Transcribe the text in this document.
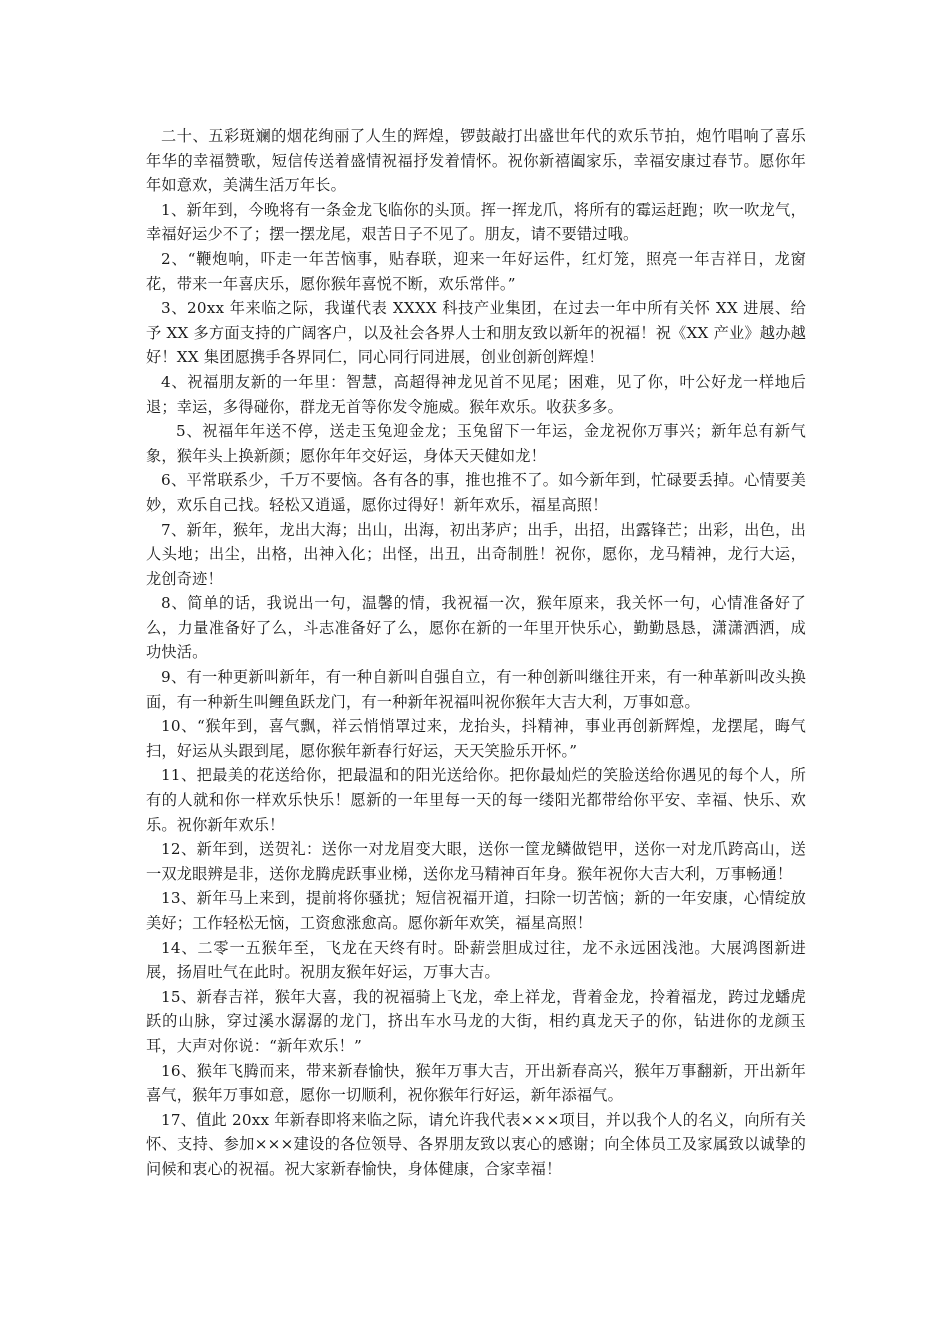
二十、五彩斑斓的烟花绚丽了人生的辉煌，锣鼓敲打出盛世年代的欢乐节拍，炮竹唱响了喜乐年华的幸福赞歌，短信传送着盛情祝福抒发着情怀。祝你新禧阖家乐，幸福安康过春节。愿你年年如意欢，美满生活万年长。

1、新年到，今晚将有一条金龙飞临你的头顶。挥一挥龙爪，将所有的霉运赶跑；吹一吹龙气，幸福好运少不了；摆一摆龙尾，艰苦日子不见了。朋友，请不要错过哦。

2、“鞭炮响，吓走一年苦恼事，贴春联，迎来一年好运件，红灯笼，照亮一年吉祥日，龙窗花，带来一年喜庆乐，愿你猴年喜悦不断，欢乐常伴。”

3、20xx 年来临之际，我谨代表 XXXX 科技产业集团，在过去一年中所有关怀 XX 进展、给予 XX 多方面支持的广阔客户，以及社会各界人士和朋友致以新年的祝福！祝《XX 产业》越办越好！XX 集团愿携手各界同仁，同心同行同进展，创业创新创辉煌！

4、祝福朋友新的一年里：智慧，高超得神龙见首不见尾；困难，见了你，叶公好龙一样地后退；幸运，多得碰你，群龙无首等你发令施威。猴年欢乐。收获多多。

5、祝福年年送不停，送走玉兔迎金龙；玉兔留下一年运，金龙祝你万事兴；新年总有新气象，猴年头上换新颜；愿你年年交好运，身体天天健如龙！

6、平常联系少，千万不要恼。各有各的事，推也推不了。如今新年到，忙碌要丢掉。心情要美妙，欢乐自己找。轻松又逍遥，愿你过得好！新年欢乐，福星高照！

7、新年，猴年，龙出大海；出山，出海，初出茅庐；出手，出招，出露锋芒；出彩，出色，出人头地；出尘，出格，出神入化；出怪，出丑，出奇制胜！祝你，愿你，龙马精神，龙行大运，龙创奇迹！

8、简单的话，我说出一句，温馨的情，我祝福一次，猴年原来，我关怀一句，心情准备好了么，力量准备好了么，斗志准备好了么，愿你在新的一年里开快乐心，勤勤恳恳，潇潇洒洒，成功快活。

9、有一种更新叫新年，有一种自新叫自强自立，有一种创新叫继往开来，有一种革新叫改头换面，有一种新生叫鲤鱼跃龙门，有一种新年祝福叫祝你猴年大吉大利，万事如意。

10、“猴年到，喜气飘，祥云悄悄罩过来，龙抬头，抖精神，事业再创新辉煌，龙摆尾，晦气扫，好运从头跟到尾，愿你猴年新春行好运，天天笑脸乐开怀。”

11、把最美的花送给你，把最温和的阳光送给你。把你最灿烂的笑脸送给你遇见的每个人，所有的人就和你一样欢乐快乐！愿新的一年里每一天的每一缕阳光都带给你平安、幸福、快乐、欢乐。祝你新年欢乐！

12、新年到，送贺礼：送你一对龙眉变大眼，送你一筐龙鳞做铠甲，送你一对龙爪跨高山，送一双龙眼辨是非，送你龙腾虎跃事业梯，送你龙马精神百年身。猴年祝你大吉大利，万事畅通！

13、新年马上来到，提前将你骚扰；短信祝福开道，扫除一切苦恼；新的一年安康，心情绽放美好；工作轻松无恼，工资愈涨愈高。愿你新年欢笑，福星高照！

14、二零一五猴年至，飞龙在天终有时。卧薪尝胆成过往，龙不永远困浅池。大展鸿图新进展，扬眉吐气在此时。祝朋友猴年好运，万事大吉。

15、新春吉祥，猴年大喜，我的祝福骑上飞龙，牵上祥龙，背着金龙，拎着福龙，跨过龙蟠虎跃的山脉，穿过溪水潺潺的龙门，挤出车水马龙的大街，相约真龙天子的你，钻进你的龙颜玉耳，大声对你说：“新年欢乐！”

16、猴年飞腾而来，带来新春愉快，猴年万事大吉，开出新春高兴，猴年万事翻新，开出新年喜气，猴年万事如意，愿你一切顺利，祝你猴年行好运，新年添福气。

17、值此 20xx 年新春即将来临之际，请允许我代表×××项目，并以我个人的名义，向所有关怀、支持、参加×××建设的各位领导、各界朋友致以衷心的感谢；向全体员工及家属致以诚挚的问候和衷心的祝福。祝大家新春愉快，身体健康，合家幸福！
